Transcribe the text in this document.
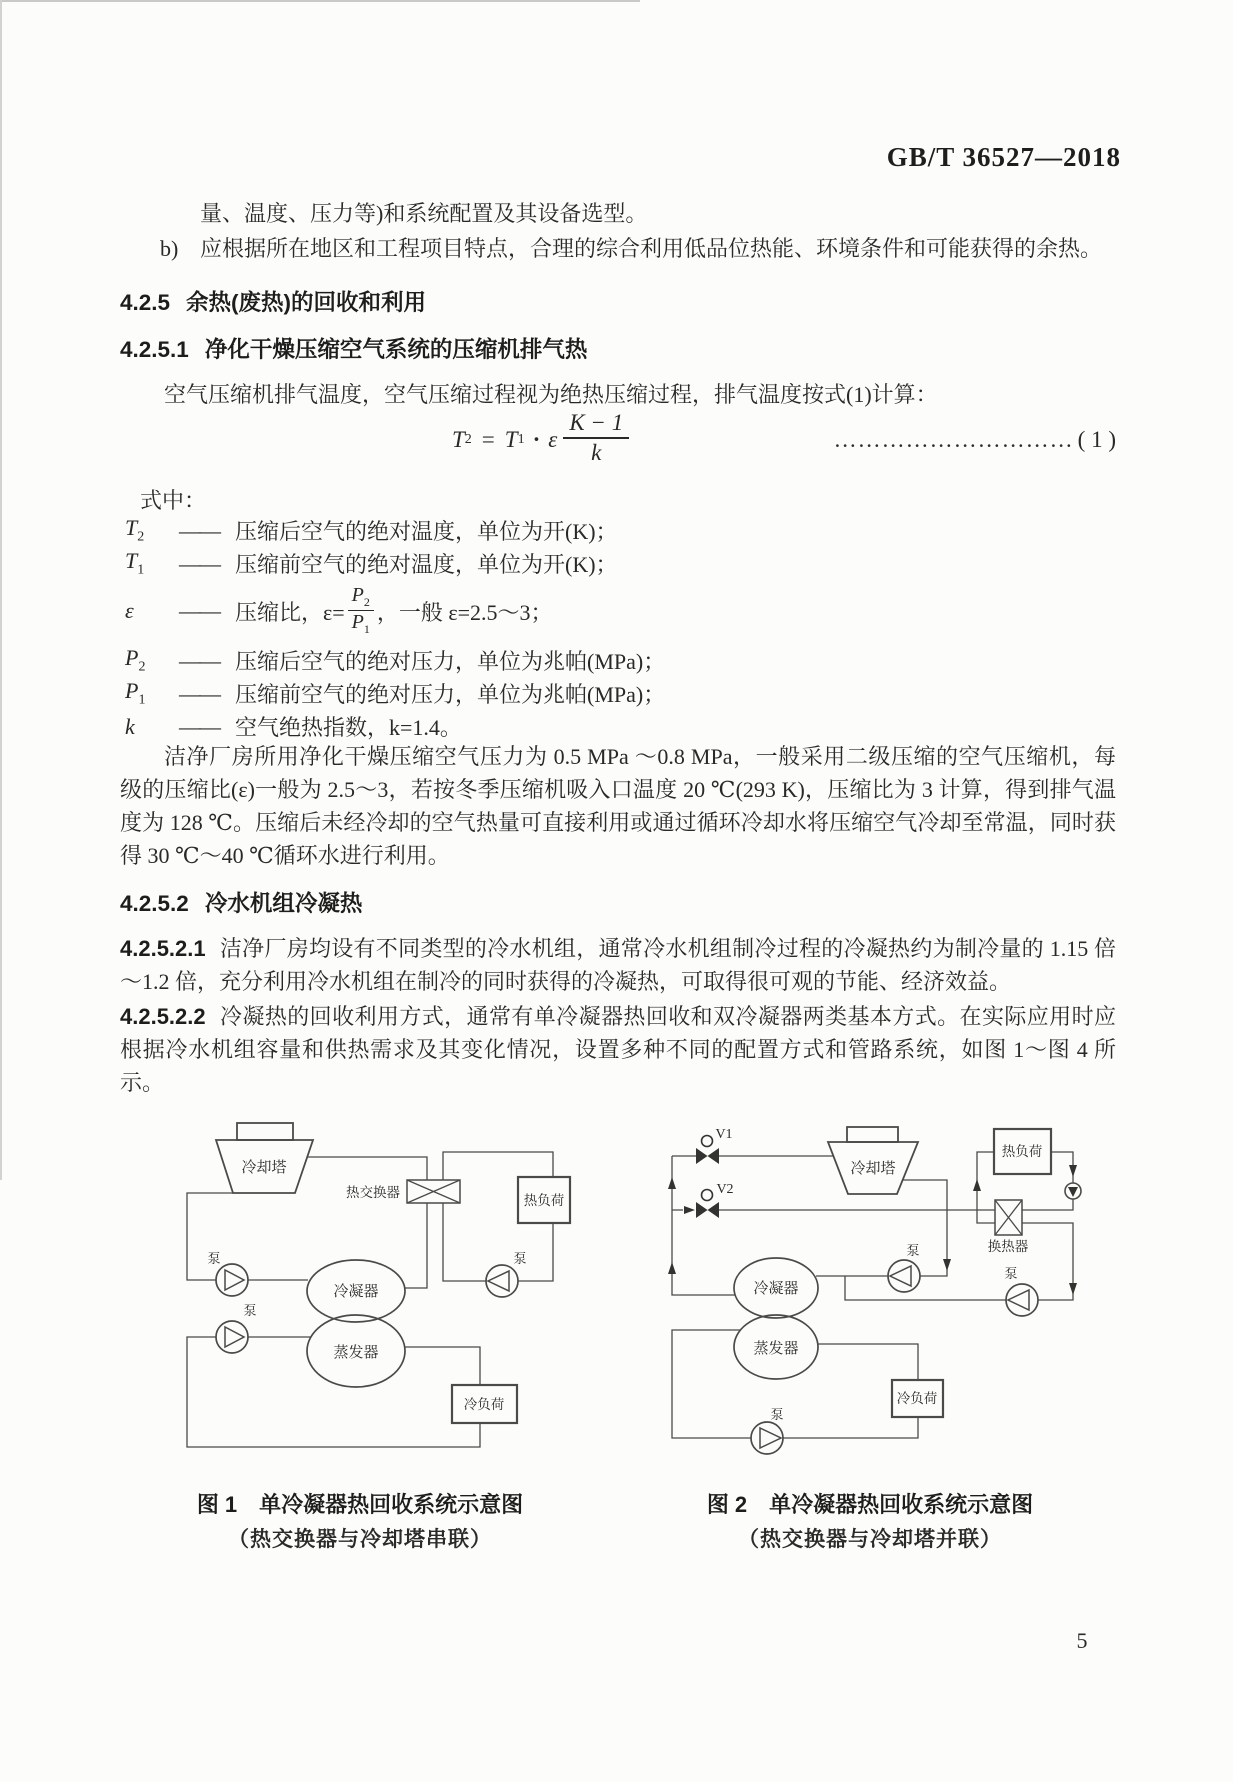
GB/T 36527—2018
量、温度、压力等)和系统配置及其设备选型。
b) 应根据所在地区和工程项目特点，合理的综合利用低品位热能、环境条件和可能获得的余热。
4.2.5 余热(废热)的回收和利用
4.2.5.1 净化干燥压缩空气系统的压缩机排气热
空气压缩机排气温度，空气压缩过程视为绝热压缩过程，排气温度按式(1)计算：
T 2 = T 1 · ε $\frac{K - 1}{k}$	………………………… ( 1 )
式中：
$T_2$	—— 压缩后空气的绝对温度，单位为开(K)；
$T_1$	—— 压缩前空气的绝对温度，单位为开(K)；
ε	—— 压缩比，$\varepsilon= \frac{P_2}{P_1}$ ，一般 ε=2.5～3；
$P_2$	—— 压缩后空气的绝对压力，单位为兆帕(MPa)；
$P_1$	—— 压缩前空气的绝对压力，单位为兆帕(MPa)；
k	—— 空气绝热指数，k=1.4。
洁净厂房所用净化干燥压缩空气压力为 0.5 MPa ～0.8 MPa，一般采用二级压缩的空气压缩机，每级的压缩比(ε)一般为 2.5～3，若按冬季压缩机吸入口温度 20 ℃(293 K)，压缩比为 3 计算，得到排气温度为 128 ℃。压缩后未经冷却的空气热量可直接利用或通过循环冷却水将压缩空气冷却至常温，同时获得 30 ℃～40 ℃循环水进行利用。
4.2.5.2 冷水机组冷凝热
4.2.5.2.1 洁净厂房均设有不同类型的冷水机组，通常冷水机组制冷过程的冷凝热约为制冷量的 1.15 倍～1.2 倍，充分利用冷水机组在制冷的同时获得的冷凝热，可取得很可观的节能、经济效益。
4.2.5.2.2 冷凝热的回收利用方式，通常有单冷凝器热回收和双冷凝器两类基本方式。在实际应用时应根据冷水机组容量和供热需求及其变化情况，设置多种不同的配置方式和管路系统，如图 1～图 4 所示。
冷却塔
热交换器
热负荷
冷凝器
蒸发器
冷负荷
泵
泵
泵
V1
V2
冷却塔
热负荷
换热器
冷凝器
蒸发器
冷负荷
泵
泵
泵
图 1　单冷凝器热回收系统示意图
（热交换器与冷却塔串联）
图 2　单冷凝器热回收系统示意图
（热交换器与冷却塔并联）
5
